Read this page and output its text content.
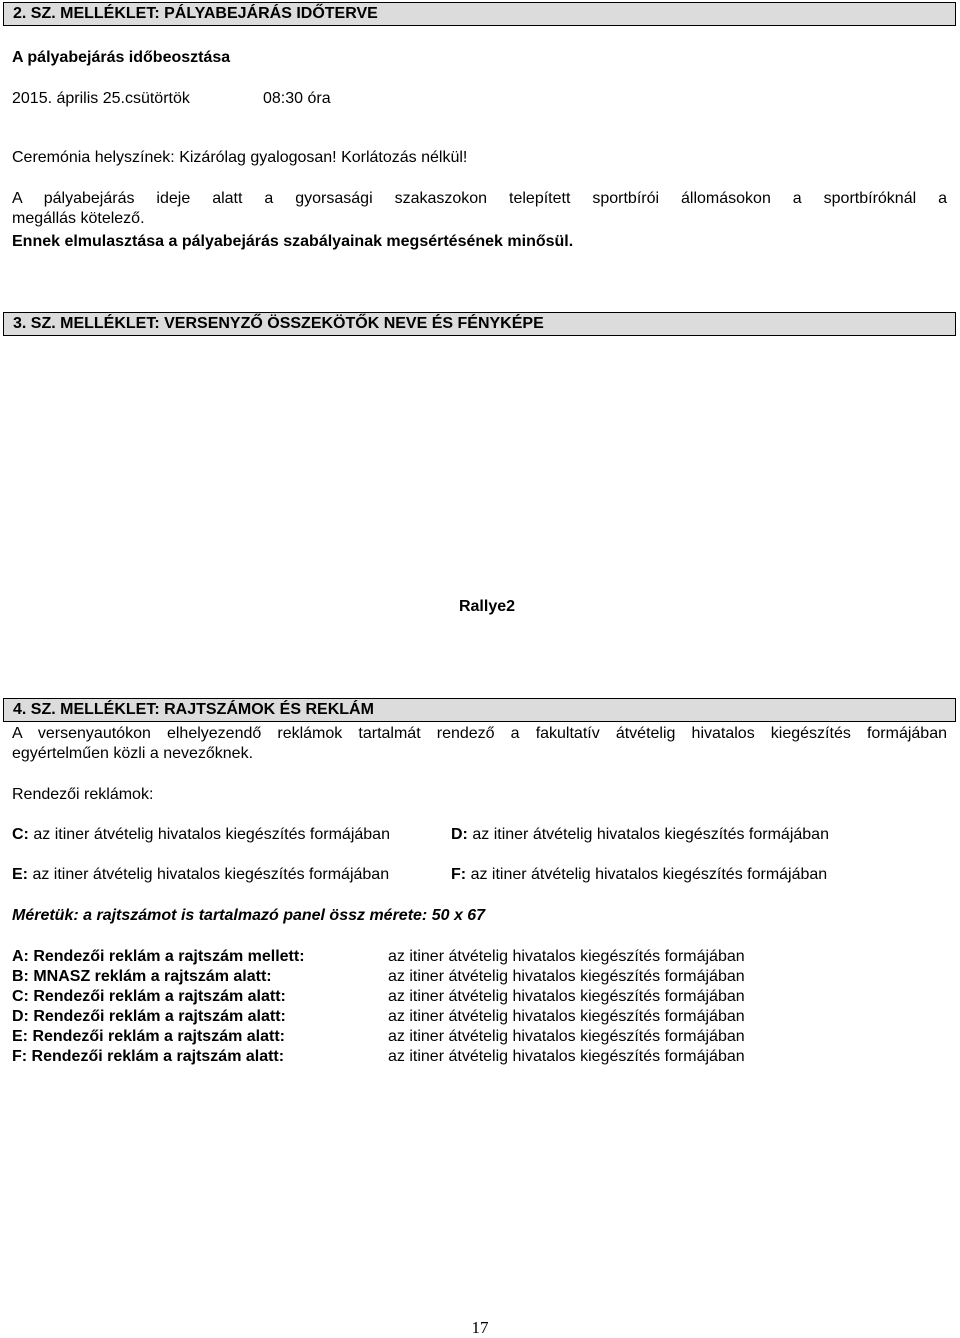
2. SZ. MELLÉKLET: PÁLYABEJÁRÁS IDŐTERVE
A pályabejárás időbeosztása
2015. április 25.csütörtök	08:30 óra
Ceremónia helyszínek: Kizárólag gyalogosan! Korlátozás nélkül!
A pályabejárás ideje alatt a gyorsasági szakaszokon telepített sportbírói állomásokon a sportbíróknál a
megállás kötelező.
Ennek elmulasztása a pályabejárás szabályainak megsértésének minősül.
3. SZ. MELLÉKLET: VERSENYZŐ ÖSSZEKÖTŐK NEVE ÉS FÉNYKÉPE
Rallye2
4. SZ. MELLÉKLET: RAJTSZÁMOK ÉS REKLÁM
A versenyautókon elhelyezendő reklámok tartalmát rendező a fakultatív átvételig hivatalos kiegészítés formájában
egyértelműen közli a nevezőknek.
Rendezői reklámok:
C: az itiner átvételig hivatalos kiegészítés formájában	D: az itiner átvételig hivatalos kiegészítés formájában
E: az itiner átvételig hivatalos kiegészítés formájában	F: az itiner átvételig hivatalos kiegészítés formájában
Méretük: a rajtszámot is tartalmazó panel össz mérete: 50 x 67
A: Rendezői reklám a rajtszám mellett:	az itiner átvételig hivatalos kiegészítés formájában
B: MNASZ reklám a rajtszám alatt:	az itiner átvételig hivatalos kiegészítés formájában
C: Rendezői reklám a rajtszám alatt:	az itiner átvételig hivatalos kiegészítés formájában
D: Rendezői reklám a rajtszám alatt:	az itiner átvételig hivatalos kiegészítés formájában
E: Rendezői reklám a rajtszám alatt:	az itiner átvételig hivatalos kiegészítés formájában
F: Rendezői reklám a rajtszám alatt:	az itiner átvételig hivatalos kiegészítés formájában
17
